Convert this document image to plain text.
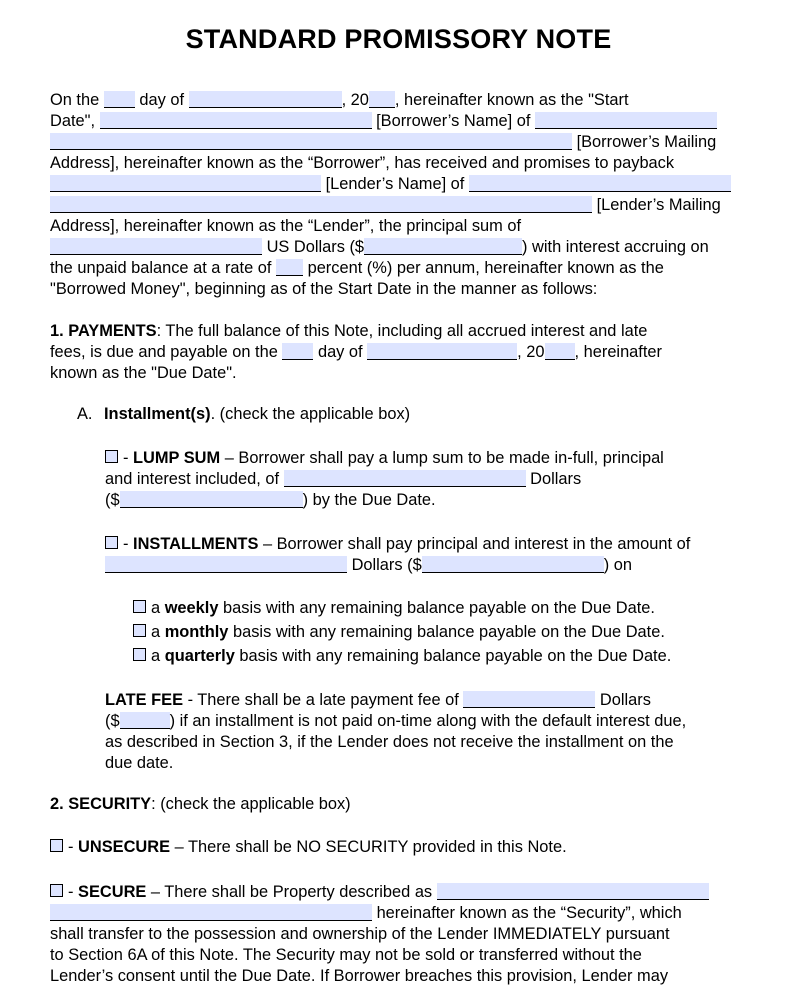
STANDARD PROMISSORY NOTE
On the day of	, 20 , hereinafter known as the "Start
Date",	[Borrower’s Name] of
[Borrower’s Mailing
Address], hereinafter known as the “Borrower”, has received and promises to payback
[Lender’s Name] of
[Lender’s Mailing
Address], hereinafter known as the “Lender”, the principal sum of
US Dollars ($	) with interest accruing on
the unpaid balance at a rate of percent (%) per annum, hereinafter known as the
"Borrowed Money", beginning as of the Start Date in the manner as follows:
1. PAYMENTS: The full balance of this Note, including all accrued interest and late
fees, is due and payable on the day of	, 20 , hereinafter
known as the "Due Date".
A. Installment(s). (check the applicable box)
- LUMP SUM – Borrower shall pay a lump sum to be made in-full, principal
and interest included, of	Dollars
($	) by the Due Date.
- INSTALLMENTS – Borrower shall pay principal and interest in the amount of
Dollars ($	) on
a weekly basis with any remaining balance payable on the Due Date.
a monthly basis with any remaining balance payable on the Due Date.
a quarterly basis with any remaining balance payable on the Due Date.
LATE FEE - There shall be a late payment fee of	Dollars
($	) if an installment is not paid on-time along with the default interest due,
as described in Section 3, if the Lender does not receive the installment on the
due date.
2. SECURITY: (check the applicable box)
- UNSECURE – There shall be NO SECURITY provided in this Note.
- SECURE – There shall be Property described as
hereinafter known as the “Security”, which
shall transfer to the possession and ownership of the Lender IMMEDIATELY pursuant
to Section 6A of this Note. The Security may not be sold or transferred without the
Lender’s consent until the Due Date. If Borrower breaches this provision, Lender may
